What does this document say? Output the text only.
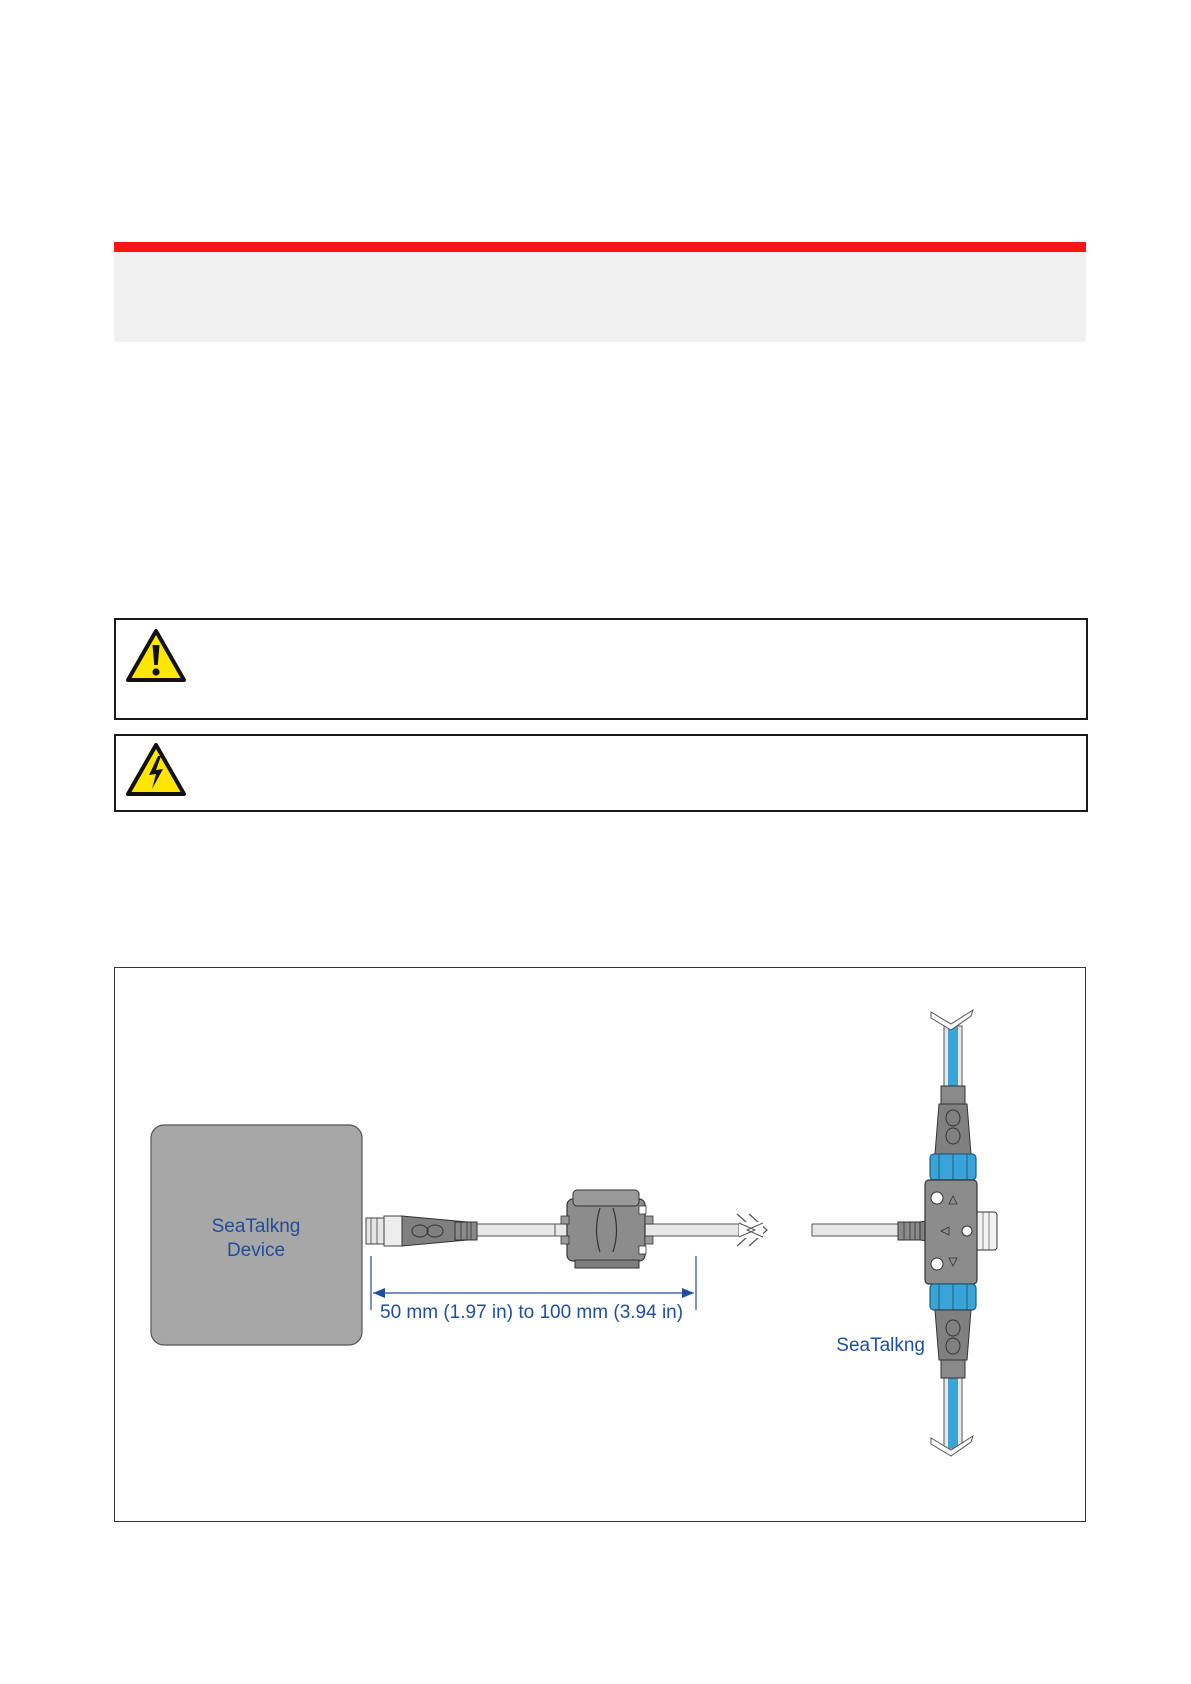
SeaTalkng
Device
50 mm (1.97 in) to 100 mm (3.94 in)
SeaTalkng
